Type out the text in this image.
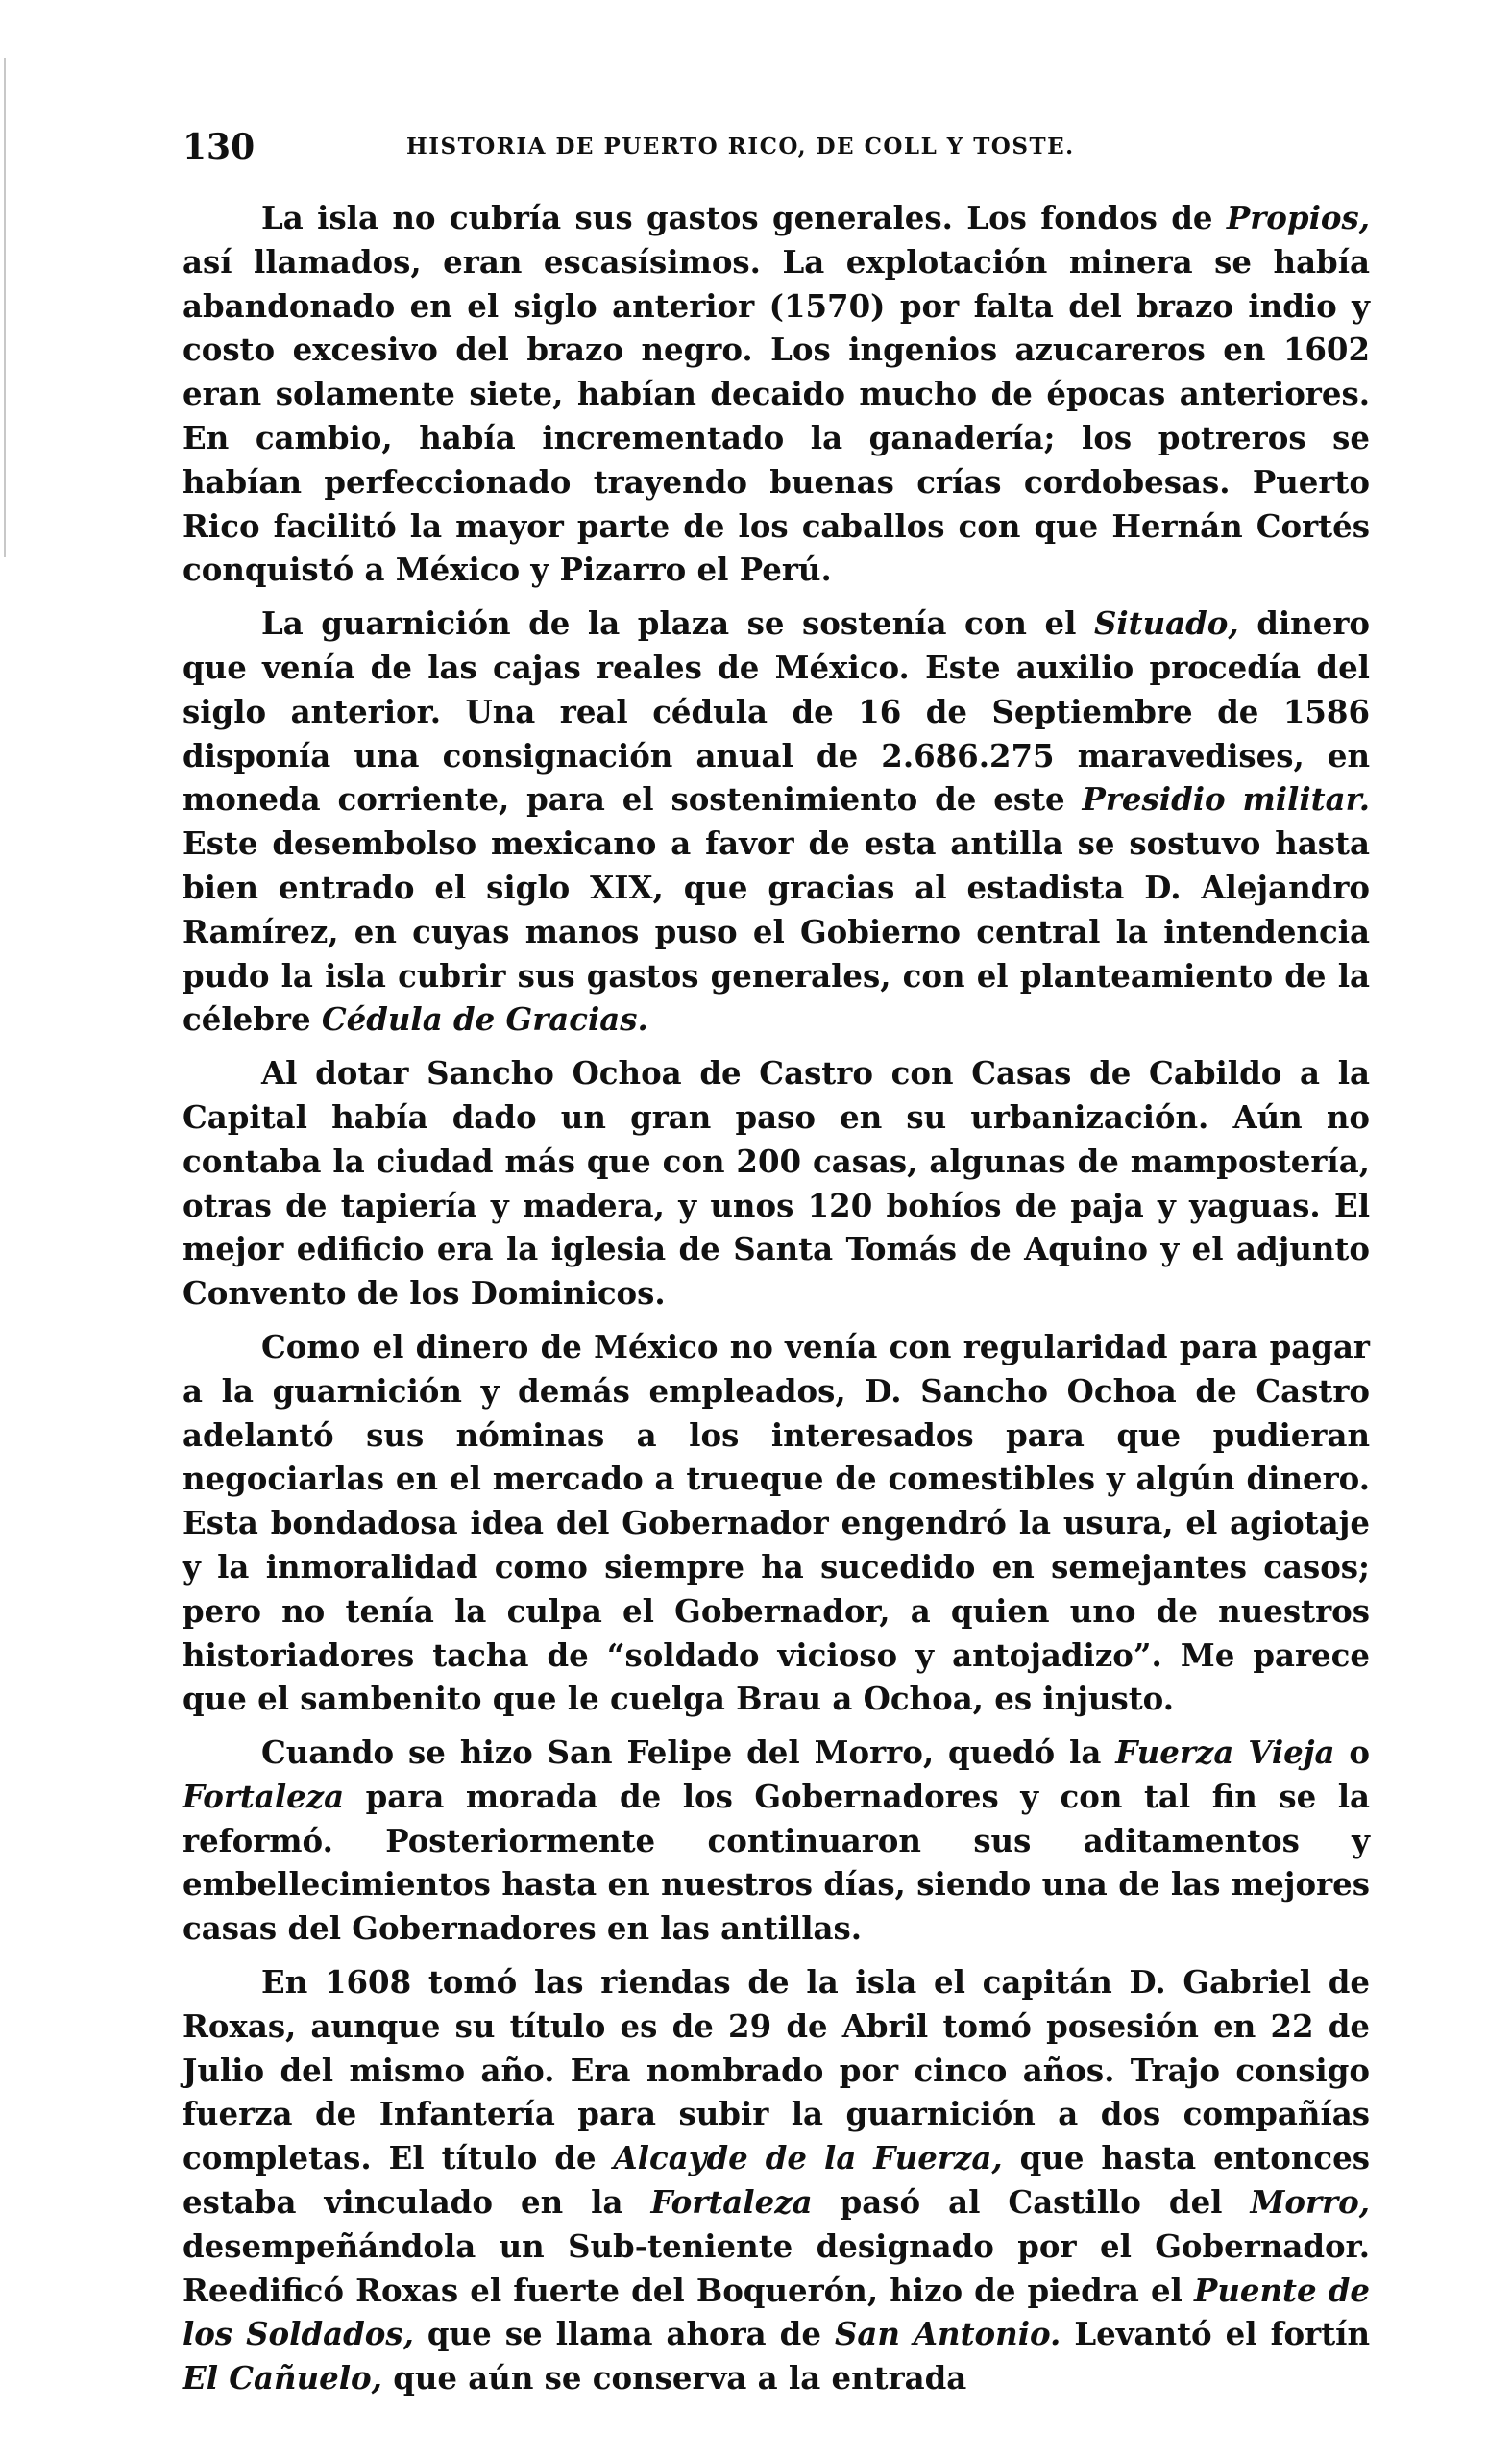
130	HISTORIA DE PUERTO RICO, DE COLL Y TOSTE.

La isla no cubría sus gastos generales. Los fondos de Propios, así llamados, eran escasísimos. La explotación minera se había abandonado en el siglo anterior (1570) por falta del brazo indio y costo excesivo del brazo negro. Los ingenios azucareros en 1602 eran solamente siete, habían decaido mucho de épocas anteriores. En cambio, había incrementado la ganadería; los potreros se habían perfeccionado trayendo buenas crías cordobesas. Puerto Rico facilitó la mayor parte de los caballos con que Hernán Cortés conquistó a México y Pizarro el Perú.

La guarnición de la plaza se sostenía con el Situado, dinero que venía de las cajas reales de México. Este auxilio procedía del siglo anterior. Una real cédula de 16 de Septiembre de 1586 disponía una consignación anual de 2.686.275 maravedises, en moneda corriente, para el sostenimiento de este Presidio militar. Este desembolso mexicano a favor de esta antilla se sostuvo hasta bien entrado el siglo XIX, que gracias al estadista D. Alejandro Ramírez, en cuyas manos puso el Gobierno central la intendencia pudo la isla cubrir sus gastos generales, con el planteamiento de la célebre Cédula de Gracias.

Al dotar Sancho Ochoa de Castro con Casas de Cabildo a la Capital había dado un gran paso en su urbanización. Aún no contaba la ciudad más que con 200 casas, algunas de mampostería, otras de tapiería y madera, y unos 120 bohíos de paja y yaguas. El mejor edificio era la iglesia de Santa Tomás de Aquino y el adjunto Convento de los Dominicos.

Como el dinero de México no venía con regularidad para pagar a la guarnición y demás empleados, D. Sancho Ochoa de Castro adelantó sus nóminas a los interesados para que pudieran negociarlas en el mercado a trueque de comestibles y algún dinero. Esta bondadosa idea del Gobernador engendró la usura, el agiotaje y la inmoralidad como siempre ha sucedido en semejantes casos; pero no tenía la culpa el Gobernador, a quien uno de nuestros historiadores tacha de “soldado vicioso y antojadizo”. Me parece que el sambenito que le cuelga Brau a Ochoa, es injusto.

Cuando se hizo San Felipe del Morro, quedó la Fuerza Vieja o Fortaleza para morada de los Gobernadores y con tal fin se la reformó. Posteriormente continuaron sus aditamentos y embellecimientos hasta en nuestros días, siendo una de las mejores casas del Gobernadores en las antillas.

En 1608 tomó las riendas de la isla el capitán D. Gabriel de Roxas, aunque su título es de 29 de Abril tomó posesión en 22 de Julio del mismo año. Era nombrado por cinco años. Trajo consigo fuerza de Infantería para subir la guarnición a dos compañías completas. El título de Alcayde de la Fuerza, que hasta entonces estaba vinculado en la Fortaleza pasó al Castillo del Morro, desempeñándola un Sub-teniente designado por el Gobernador. Reedificó Roxas el fuerte del Boquerón, hizo de piedra el Puente de los Soldados, que se llama ahora de San Antonio. Levantó el fortín El Cañuelo, que aún se conserva a la entrada
